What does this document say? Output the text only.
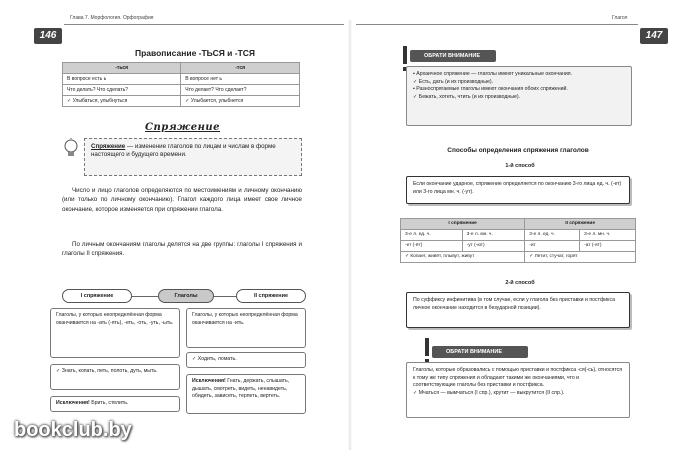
146
Глава 7. Морфология. Орфография
Правописание -ТЬСЯ и -ТСЯ
-ться	-тся
В вопросе есть ь	В вопросе нет ь
Что делать? Что сделать?	Что делает? Что сделает?
✓ Улыбаться, улыбнуться	✓ Улыбается, улыбнется
Спряжение
Спряжение — изменение глаголов по лицам и числам в форме настоящего и будущего времени.
Число и лицо глаголов определяются по местоимениям и личному окончанию (или только по личному окончанию). Глагол каждого лица имеет свое личное окончание, которое изменяется при спряжении глагола.
По личным окончаниям глаголы делятся на две группы: глаголы I спряжения и глаголы II спряжения.
I спряжение	Глаголы	II спряжение
Глаголы, у которых неопределённая форма оканчивается на -ать (-ять), -еть, -оть, -уть, -ыть.
Глаголы, у которых неопределённая форма оканчивается на -ить.
✓ Знать, копать, петь, полоть, дуть, мыть.
✓ Ходить, ломать.
Исключения! Брить, стелить.
Исключения! Гнать, держать, слышать, дышать, смотреть, видеть, ненавидеть, обидеть, зависеть, терпеть, вертеть.
Глагол
147
ОБРАТИ ВНИМАНИЕ
▪ Архаичное спряжение — глаголы имеют уникальные окончания.
✓ Есть, дать (и их производные).
▪ Разноспрягаемые глаголы имеют окончания обоих спряжений.
✓ Бежать, хотеть, чтить (и их производные).
Способы определения спряжения глаголов
1-й способ
Если окончание ударное, спряжение определяется по окончанию 3-го лица ед. ч. (-ет) или 3-го лица мн. ч. (-ут).
I спряжение		II спряжение	
3-е л. ед. ч.	3-е л. мн. ч.	3-е л. ед. ч.	3-е л. мн. ч.
-ет (-ёт)	-ут (-ют)	-ит	-ат (-ят)
✓ Копает, живёт, плывут, живут		✓ Летит, стучат, горят	
2-й способ
По суффиксу инфинитива (в том случае, если у глагола без приставки и постфикса личное окончание находится в безударной позиции).
ОБРАТИ ВНИМАНИЕ
Глаголы, которые образовались с помощью приставки и постфикса -ся(-сь), относятся к тому же типу спряжения и обладают такими же окончаниями, что и соответствующие глаголы без приставки и постфикса.
✓ Мчаться — вымчаться (I спр.), крутит — выкрутится (II спр.).
bookclub.by
